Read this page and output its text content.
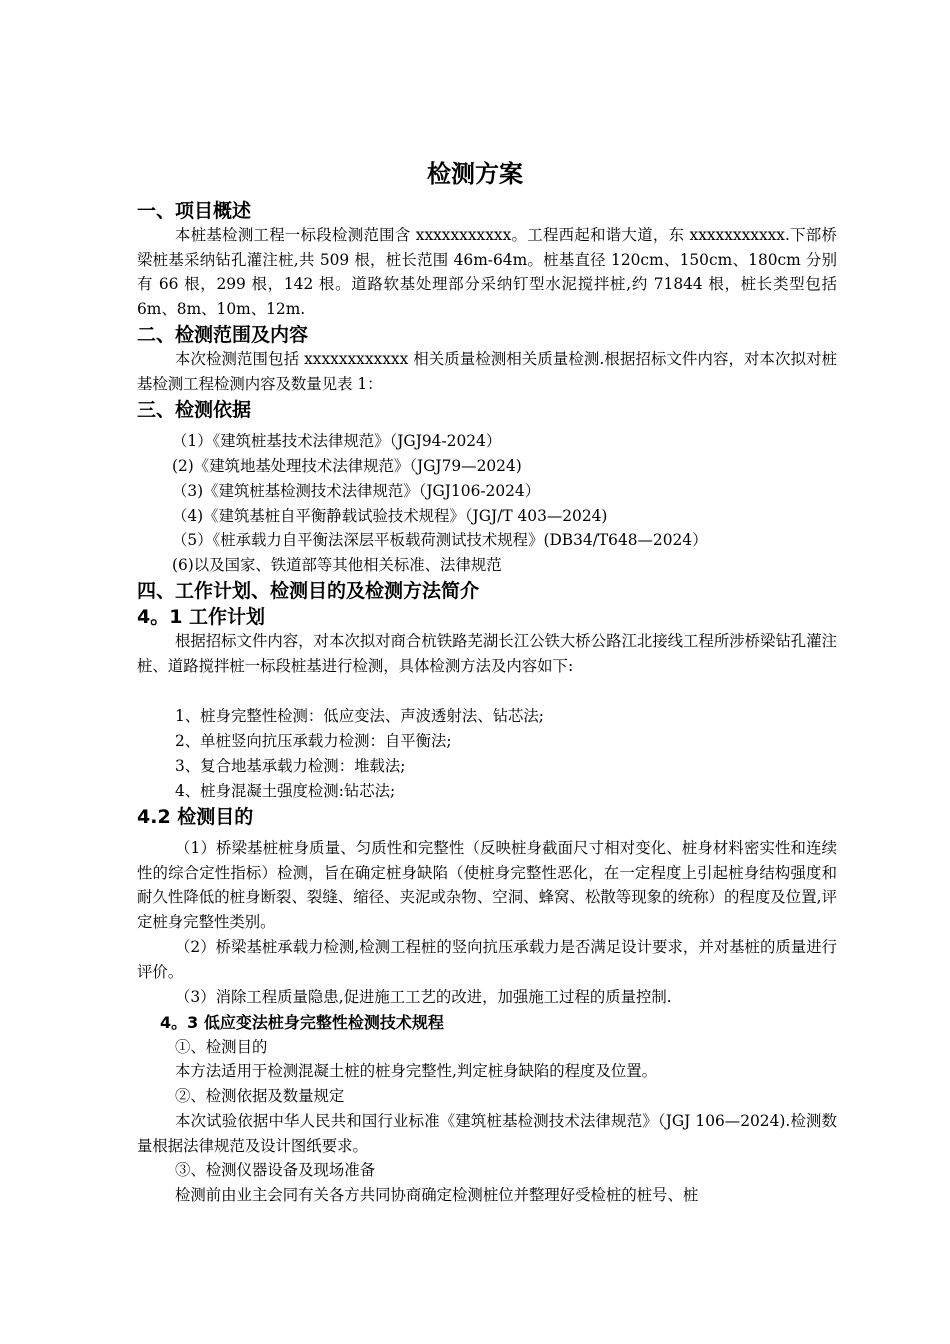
检测方案
一、项目概述
本桩基检测工程一标段检测范围含 xxxxxxxxxxx。工程西起和谐大道，东 xxxxxxxxxxx.下部桥梁桩基采纳钻孔灌注桩,共 509 根，桩长范围 46m-64m。桩基直径 120cm、150cm、180cm 分别有 66 根，299 根，142 根。道路软基处理部分采纳钉型水泥搅拌桩,约 71844 根，桩长类型包括 6m、8m、10m、12m.
二、检测范围及内容
本次检测范围包括 xxxxxxxxxxxx 相关质量检测相关质量检测.根据招标文件内容，对本次拟对桩基检测工程检测内容及数量见表 1：
三、检测依据
（1）《建筑桩基技术法律规范》（JGJ94-2024）
(2)《建筑地基处理技术法律规范》（JGJ79—2024)
（3)《建筑桩基检测技术法律规范》（JGJ106-2024）
（4)《建筑基桩自平衡静载试验技术规程》（JGJ/T 403—2024)
（5）《桩承载力自平衡法深层平板载荷测试技术规程》(DB34/T648—2024）
(6)以及国家、铁道部等其他相关标准、法律规范
四、工作计划、检测目的及检测方法简介
4。1 工作计划
根据招标文件内容，对本次拟对商合杭铁路芜湖长江公铁大桥公路江北接线工程所涉桥梁钻孔灌注桩、道路搅拌桩一标段桩基进行检测，具体检测方法及内容如下:
1、桩身完整性检测：低应变法、声波透射法、钻芯法;
2、单桩竖向抗压承载力检测：自平衡法;
3、复合地基承载力检测：堆载法;
4、桩身混凝土强度检测:钻芯法;
4.2 检测目的
（1）桥梁基桩桩身质量、匀质性和完整性（反映桩身截面尺寸相对变化、桩身材料密实性和连续性的综合定性指标）检测，旨在确定桩身缺陷（使桩身完整性恶化，在一定程度上引起桩身结构强度和耐久性降低的桩身断裂、裂缝、缩径、夹泥或杂物、空洞、蜂窝、松散等现象的统称）的程度及位置,评定桩身完整性类别。
（2）桥梁基桩承载力检测,检测工程桩的竖向抗压承载力是否满足设计要求，并对基桩的质量进行评价。
（3）消除工程质量隐患,促进施工工艺的改进，加强施工过程的质量控制.
4。3 低应变法桩身完整性检测技术规程
①、检测目的
本方法适用于检测混凝土桩的桩身完整性,判定桩身缺陷的程度及位置。
②、检测依据及数量规定
本次试验依据中华人民共和国行业标准《建筑桩基检测技术法律规范》（JGJ 106—2024).检测数量根据法律规范及设计图纸要求。
③、检测仪器设备及现场准备
检测前由业主会同有关各方共同协商确定检测桩位并整理好受检桩的桩号、桩
